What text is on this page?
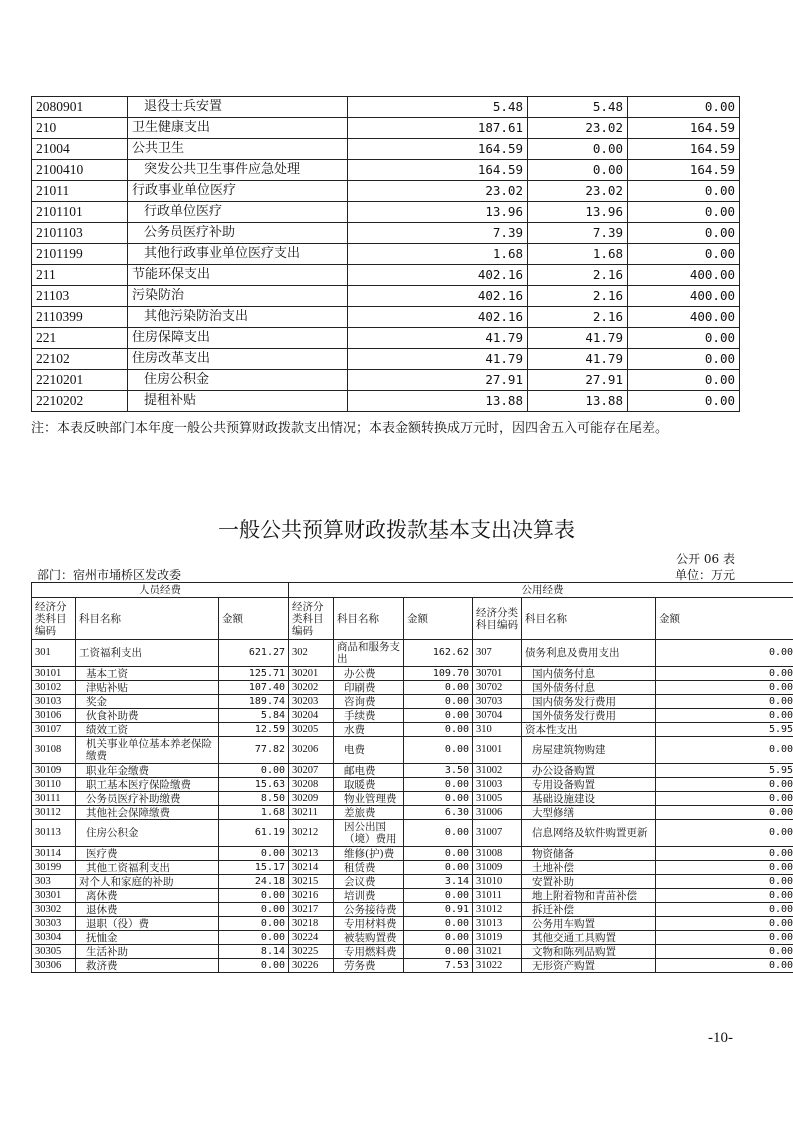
2080901	退役士兵安置	5.48	5.48	0.00
210	卫生健康支出	187.61	23.02	164.59
21004	公共卫生	164.59	0.00	164.59
2100410	突发公共卫生事件应急处理	164.59	0.00	164.59
21011	行政事业单位医疗	23.02	23.02	0.00
2101101	行政单位医疗	13.96	13.96	0.00
2101103	公务员医疗补助	7.39	7.39	0.00
2101199	其他行政事业单位医疗支出	1.68	1.68	0.00
211	节能环保支出	402.16	2.16	400.00
21103	污染防治	402.16	2.16	400.00
2110399	其他污染防治支出	402.16	2.16	400.00
221	住房保障支出	41.79	41.79	0.00
22102	住房改革支出	41.79	41.79	0.00
2210201	住房公积金	27.91	27.91	0.00
2210202	提租补贴	13.88	13.88	0.00
注：本表反映部门本年度一般公共预算财政拨款支出情况；本表金额转换成万元时，因四舍五入可能存在尾差。
一般公共预算财政拨款基本支出决算表
公开 06 表
部门：宿州市埇桥区发改委	单位：万元
人员经费			公用经费					
经济分类科目编码	科目名称	金额	经济分类科目编码	科目名称	金额	经济分类科目编码	科目名称	金额
301	工资福利支出	621.27	302	商品和服务支出	162.62	307	债务利息及费用支出	0.00
30101	基本工资	125.71	30201	办公费	109.70	30701	国内债务付息	0.00
30102	津贴补贴	107.40	30202	印刷费	0.00	30702	国外债务付息	0.00
30103	奖金	189.74	30203	咨询费	0.00	30703	国内债务发行费用	0.00
30106	伙食补助费	5.84	30204	手续费	0.00	30704	国外债务发行费用	0.00
30107	绩效工资	12.59	30205	水费	0.00	310	资本性支出	5.95
30108	机关事业单位基本养老保险缴费	77.82	30206	电费	0.00	31001	房屋建筑物购建	0.00
30109	职业年金缴费	0.00	30207	邮电费	3.50	31002	办公设备购置	5.95
30110	职工基本医疗保险缴费	15.63	30208	取暖费	0.00	31003	专用设备购置	0.00
30111	公务员医疗补助缴费	8.50	30209	物业管理费	0.00	31005	基础设施建设	0.00
30112	其他社会保障缴费	1.68	30211	差旅费	6.30	31006	大型修缮	0.00
30113	住房公积金	61.19	30212	因公出国（境）费用	0.00	31007	信息网络及软件购置更新	0.00
30114	医疗费	0.00	30213	维修(护)费	0.00	31008	物资储备	0.00
30199	其他工资福利支出	15.17	30214	租赁费	0.00	31009	土地补偿	0.00
303	对个人和家庭的补助	24.18	30215	会议费	3.14	31010	安置补助	0.00
30301	离休费	0.00	30216	培训费	0.00	31011	地上附着物和青苗补偿	0.00
30302	退休费	0.00	30217	公务接待费	0.91	31012	拆迁补偿	0.00
30303	退职（役）费	0.00	30218	专用材料费	0.00	31013	公务用车购置	0.00
30304	抚恤金	0.00	30224	被装购置费	0.00	31019	其他交通工具购置	0.00
30305	生活补助	8.14	30225	专用燃料费	0.00	31021	文物和陈列品购置	0.00
30306	救济费	0.00	30226	劳务费	7.53	31022	无形资产购置	0.00
-10-
